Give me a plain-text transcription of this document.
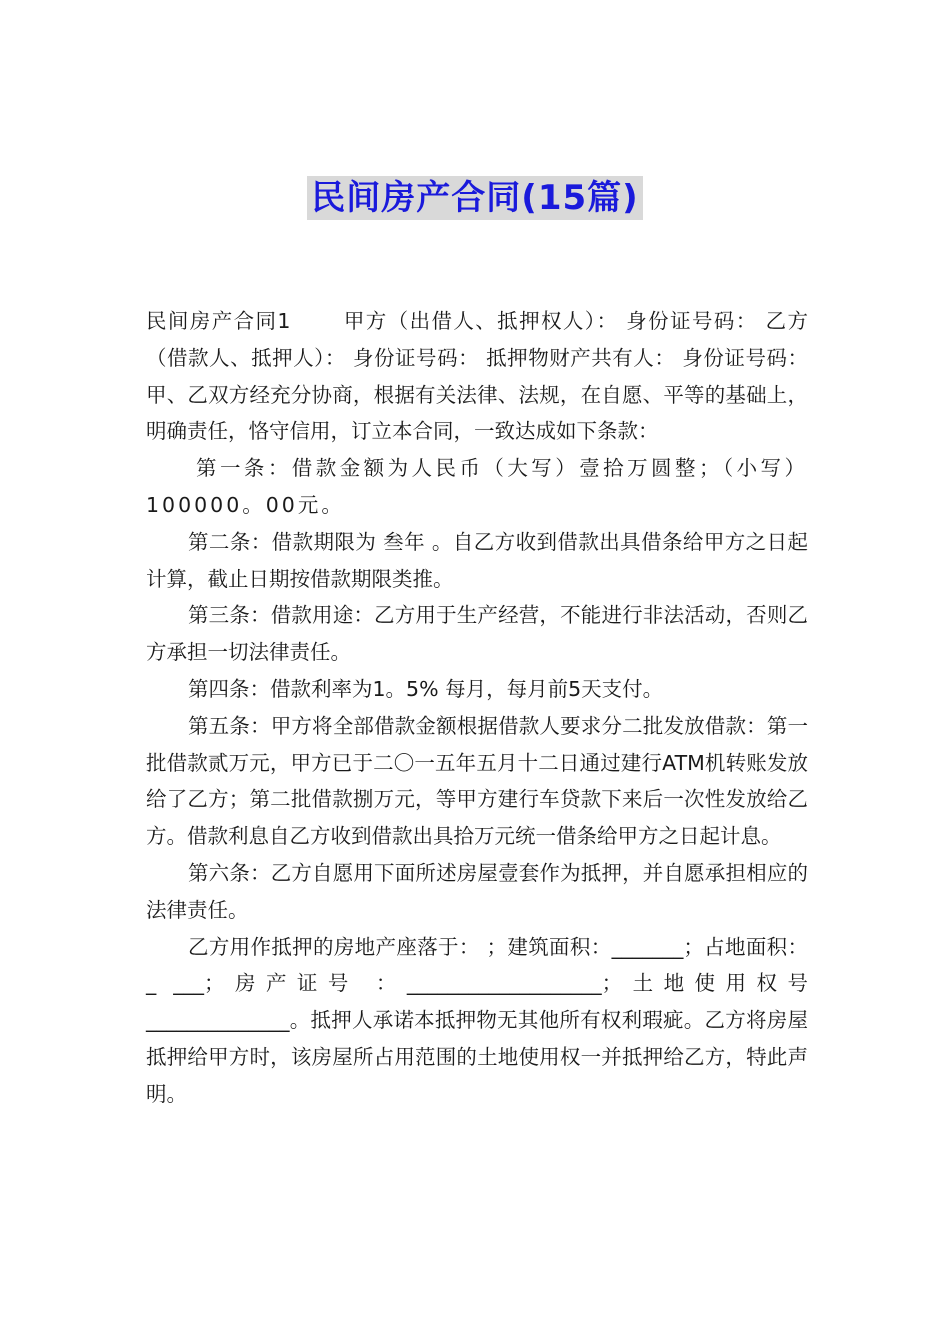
民间房产合同(15篇)

民间房产合同1	甲方（出借人、抵押权人）： 身份证号码： 乙方（借款人、抵押人）： 身份证号码： 抵押物财产共有人： 身份证号码： 甲、乙双方经充分协商，根据有关法律、法规，在自愿、平等的基础上，明确责任，恪守信用，订立本合同，一致达成如下条款：

第一条：借款金额为人民币（大写）壹拾万圆整；（小写）100000。00元。

第二条：借款期限为 叁年 。自乙方收到借款出具借条给甲方之日起计算，截止日期按借款期限类推。

第三条：借款用途：乙方用于生产经营，不能进行非法活动，否则乙方承担一切法律责任。

第四条：借款利率为1。5% 每月，每月前5天支付。

第五条：甲方将全部借款金额根据借款人要求分二批发放借款：第一批借款贰万元，甲方已于二〇一五年五月十二日通过建行ATM机转账发放给了乙方；第二批借款捌万元，等甲方建行车贷款下来后一次性发放给乙方。借款利息自乙方收到借款出具拾万元统一借条给甲方之日起计息。

第六条：乙方自愿用下面所述房屋壹套作为抵押，并自愿承担相应的法律责任。

乙方用作抵押的房地产座落于： ；建筑面积：_______；占地面积：_ ___；房产证号 ：___________________；土地使用权号______________。抵押人承诺本抵押物无其他所有权利瑕疵。乙方将房屋抵押给甲方时，该房屋所占用范围的土地使用权一并抵押给乙方，特此声明。
